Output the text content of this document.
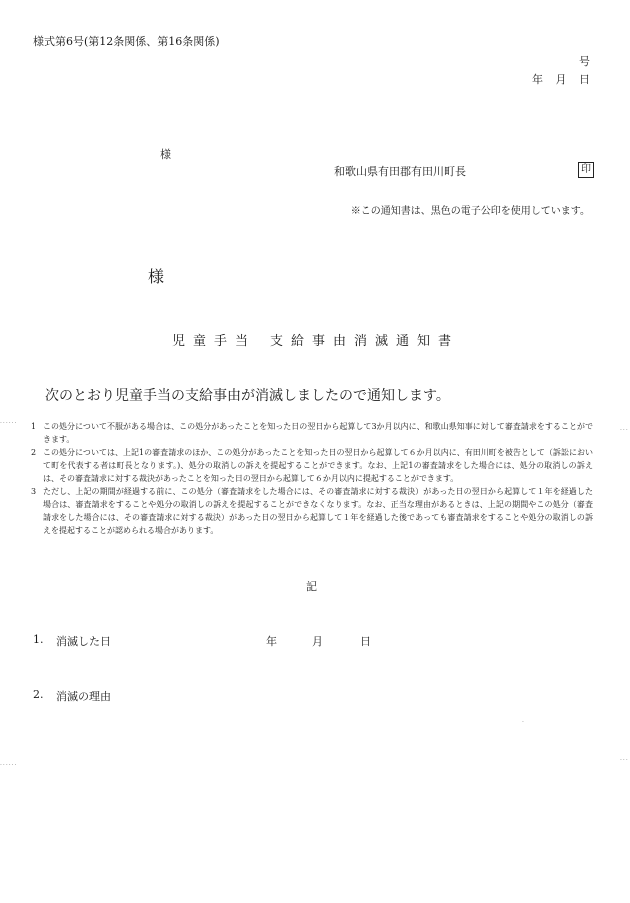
様式第6号(第12条関係、第16条関係)
号
年 月 日
様
和歌山県有田郡有田川町長	印
※この通知書は、黒色の電子公印を使用しています。
様
児童手当 支給事由消滅通知書
次のとおり児童手当の支給事由が消滅しましたので通知します。
1 この処分について不服がある場合は、この処分があったことを知った日の翌日から起算して3か月以内に、和歌山県知事に対して審査請求をすることができます。
2 この処分については、上記1の審査請求のほか、この処分があったことを知った日の翌日から起算して６か月以内に、有田川町を被告として（訴訟において町を代表する者は町長となります。)、処分の取消しの訴えを提起することができます。なお、上記1の審査請求をした場合には、処分の取消しの訴えは、その審査請求に対する裁決があったことを知った日の翌日から起算して６か月以内に提起することができます。
3 ただし、上記の期間が経過する前に、この処分（審査請求をした場合には、その審査請求に対する裁決）があった日の翌日から起算して１年を経過した場合は、審査請求をすることや処分の取消しの訴えを提起することができなくなります。なお、正当な理由があるときは、上記の期間やこの処分（審査請求をした場合には、その審査請求に対する裁決）があった日の翌日から起算して１年を経過した後であっても審査請求をすることや処分の取消しの訴えを提起することが認められる場合があります。
記
1. 消滅した日	年	月	日
2. 消滅の理由
......
......
...
...
.
